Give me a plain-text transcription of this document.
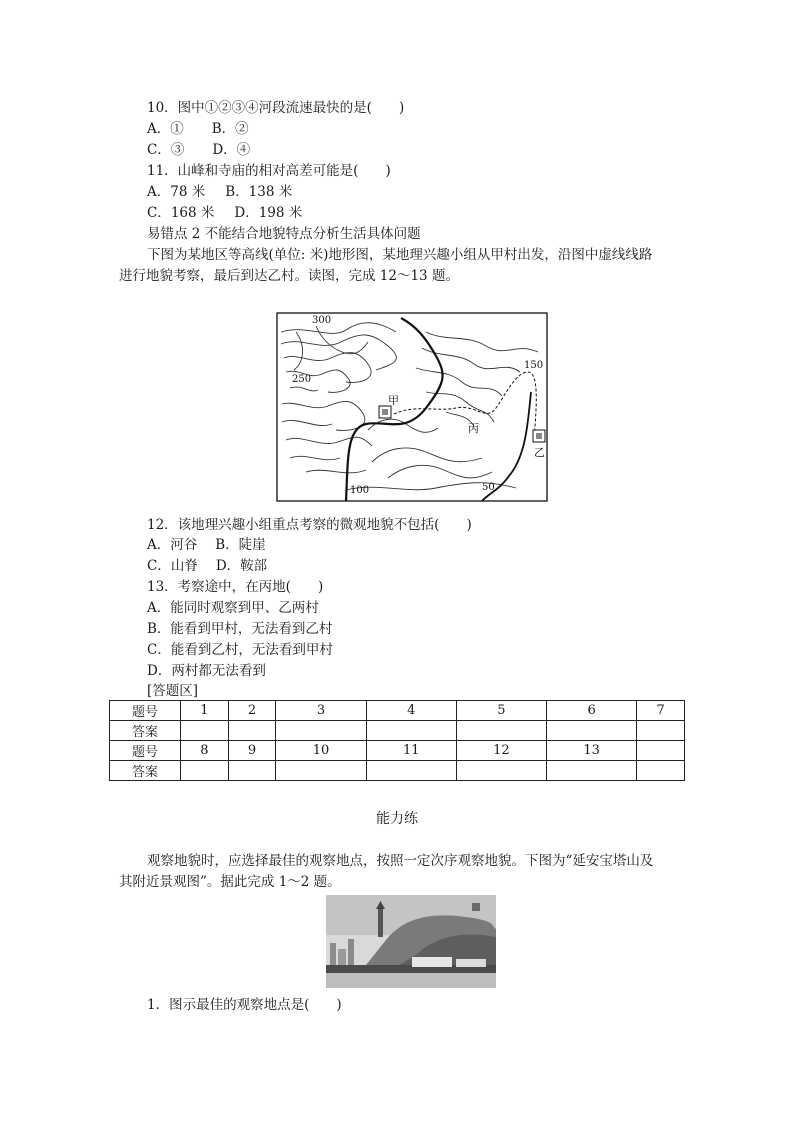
10．图中①②③④河段流速最快的是(　　)
A．① B．②
C．③ D．④
11．山峰和寺庙的相对高差可能是(　　)
A．78 米 B．138 米
C．168 米 D．198 米
易错点 2 不能结合地貌特点分析生活具体问题
下图为某地区等高线(单位: 米)地形图，某地理兴趣小组从甲村出发，沿图中虚线线路
进行地貌考察，最后到达乙村。读图，完成 12～13 题。
300
250
150
100	50
甲
丙
乙
12．该地理兴趣小组重点考察的微观地貌不包括(　　)
A．河谷 B．陡崖
C．山脊 D．鞍部
13．考察途中，在丙地(　　)
A．能同时观察到甲、乙两村
B．能看到甲村，无法看到乙村
C．能看到乙村，无法看到甲村
D．两村都无法看到
[答题区]
题号	1	2	3	4	5	6	7
答案							
题号	8	9	10	11	12	13	
答案							
能力练
观察地貌时，应选择最佳的观察地点，按照一定次序观察地貌。下图为“延安宝塔山及
其附近景观图”。据此完成 1～2 题。
1．图示最佳的观察地点是(　　)
